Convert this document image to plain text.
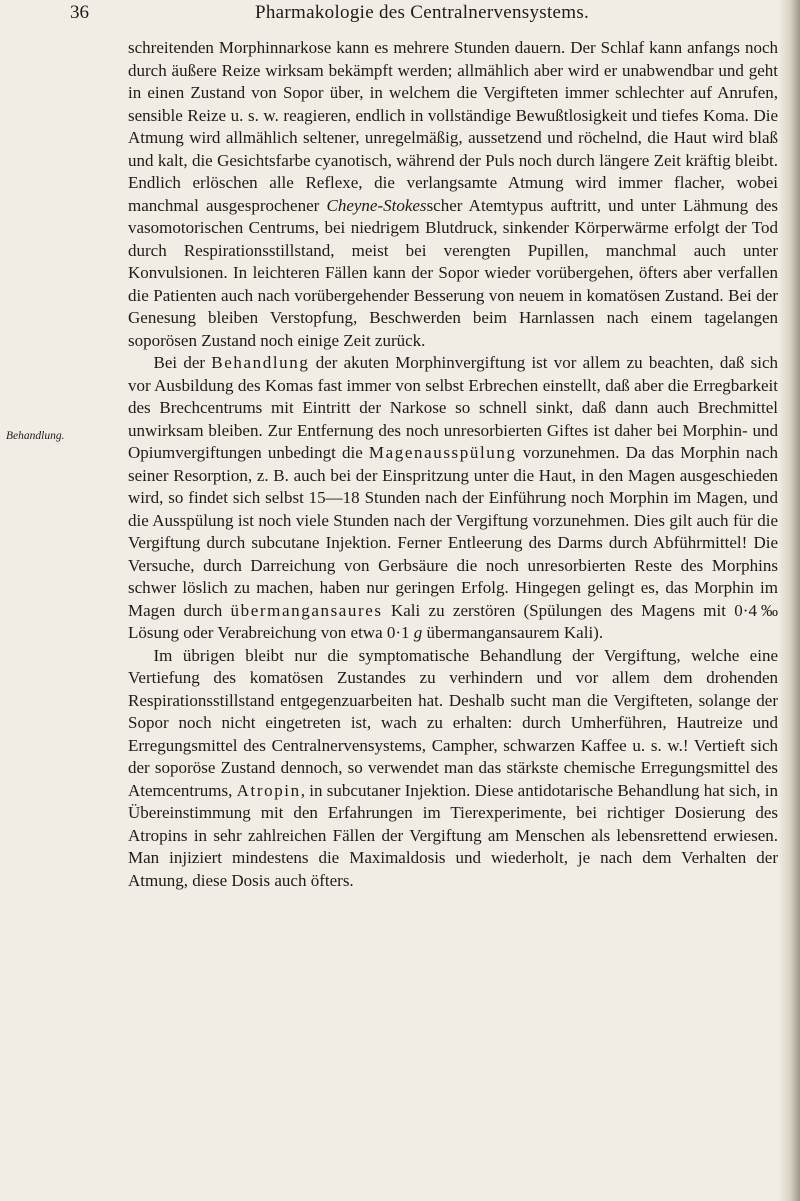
36	Pharmakologie des Centralnervensystems.
Behandlung.

schreitenden Morphinnarkose kann es mehrere Stunden dauern. Der Schlaf kann anfangs noch durch äußere Reize wirksam bekämpft werden; allmählich aber wird er unabwendbar und geht in einen Zustand von Sopor über, in welchem die Vergifteten immer schlechter auf Anrufen, sensible Reize u. s. w. reagieren, endlich in vollständige Bewußtlosigkeit und tiefes Koma. Die Atmung wird allmählich seltener, unregelmäßig, aussetzend und röchelnd, die Haut wird blaß und kalt, die Gesichtsfarbe cyanotisch, während der Puls noch durch längere Zeit kräftig bleibt. Endlich erlöschen alle Reflexe, die verlangsamte Atmung wird immer flacher, wobei manchmal ausgesprochener Cheyne-Stokesscher Atemtypus auftritt, und unter Lähmung des vasomotorischen Centrums, bei niedrigem Blutdruck, sinkender Körperwärme erfolgt der Tod durch Respirationsstillstand, meist bei verengten Pupillen, manchmal auch unter Konvulsionen. In leichteren Fällen kann der Sopor wieder vorübergehen, öfters aber verfallen die Patienten auch nach vorübergehender Besserung von neuem in komatösen Zustand. Bei der Genesung bleiben Verstopfung, Beschwerden beim Harnlassen nach einem tagelangen soporösen Zustand noch einige Zeit zurück.

Bei der Behandlung der akuten Morphinvergiftung ist vor allem zu beachten, daß sich vor Ausbildung des Komas fast immer von selbst Erbrechen einstellt, daß aber die Erregbarkeit des Brechcentrums mit Eintritt der Narkose so schnell sinkt, daß dann auch Brechmittel unwirksam bleiben. Zur Entfernung des noch unresorbierten Giftes ist daher bei Morphin- und Opiumvergiftungen unbedingt die Magenausspülung vorzunehmen. Da das Morphin nach seiner Resorption, z. B. auch bei der Einspritzung unter die Haut, in den Magen ausgeschieden wird, so findet sich selbst 15—18 Stunden nach der Einführung noch Morphin im Magen, und die Ausspülung ist noch viele Stunden nach der Vergiftung vorzunehmen. Dies gilt auch für die Vergiftung durch subcutane Injektion. Ferner Entleerung des Darms durch Abführmittel! Die Versuche, durch Darreichung von Gerbsäure die noch unresorbierten Reste des Morphins schwer löslich zu machen, haben nur geringen Erfolg. Hingegen gelingt es, das Morphin im Magen durch übermangansaures Kali zu zerstören (Spülungen des Magens mit 0·4‰ Lösung oder Verabreichung von etwa 0·1 g übermangansaurem Kali).

Im übrigen bleibt nur die symptomatische Behandlung der Vergiftung, welche eine Vertiefung des komatösen Zustandes zu verhindern und vor allem dem drohenden Respirationsstillstand entgegenzuarbeiten hat. Deshalb sucht man die Vergifteten, solange der Sopor noch nicht eingetreten ist, wach zu erhalten: durch Umherführen, Hautreize und Erregungsmittel des Centralnervensystems, Campher, schwarzen Kaffee u. s. w.! Vertieft sich der soporöse Zustand dennoch, so verwendet man das stärkste chemische Erregungsmittel des Atemcentrums, Atropin, in subcutaner Injektion. Diese antidotarische Behandlung hat sich, in Übereinstimmung mit den Erfahrungen im Tierexperimente, bei richtiger Dosierung des Atropins in sehr zahlreichen Fällen der Vergiftung am Menschen als lebensrettend erwiesen. Man injiziert mindestens die Maximaldosis und wiederholt, je nach dem Verhalten der Atmung, diese Dosis auch öfters.
